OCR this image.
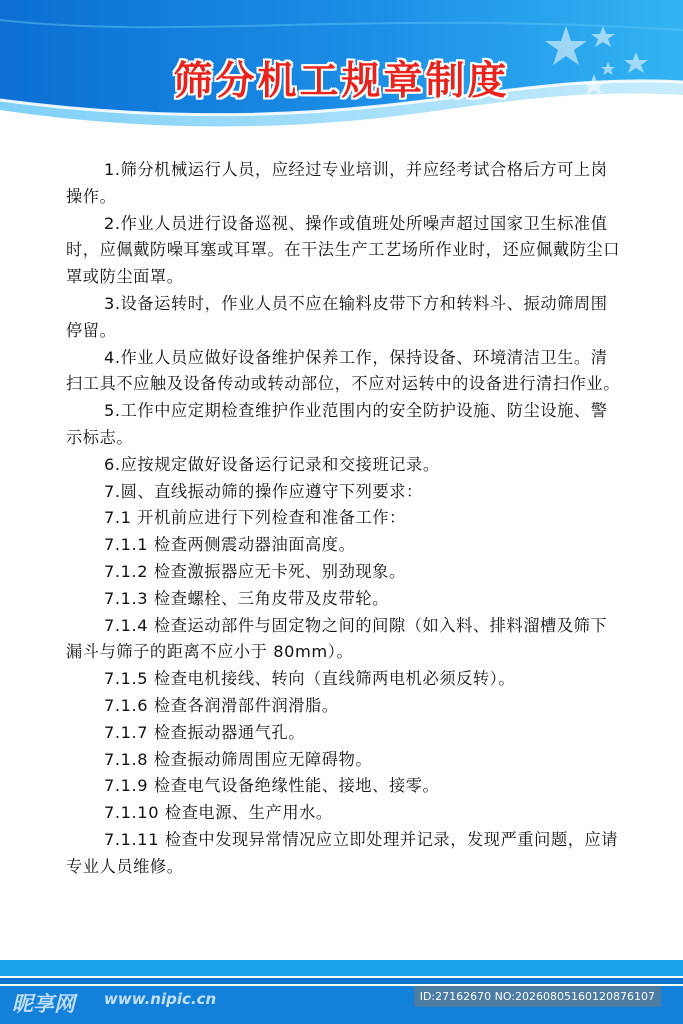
筛分机工规章制度

1.筛分机械运行人员，应经过专业培训，并应经考试合格后方可上岗操作。

2.作业人员进行设备巡视、操作或值班处所噪声超过国家卫生标准值时，应佩戴防噪耳塞或耳罩。在干法生产工艺场所作业时，还应佩戴防尘口罩或防尘面罩。

3.设备运转时，作业人员不应在输料皮带下方和转料斗、振动筛周围停留。

4.作业人员应做好设备维护保养工作，保持设备、环境清洁卫生。清扫工具不应触及设备传动或转动部位，不应对运转中的设备进行清扫作业。

5.工作中应定期检查维护作业范围内的安全防护设施、防尘设施、警示标志。

6.应按规定做好设备运行记录和交接班记录。

7.圆、直线振动筛的操作应遵守下列要求：

7.1 开机前应进行下列检查和准备工作：

7.1.1 检查两侧震动器油面高度。

7.1.2 检查激振器应无卡死、别劲现象。

7.1.3 检查螺栓、三角皮带及皮带轮。

7.1.4 检查运动部件与固定物之间的间隙（如入料、排料溜槽及筛下漏斗与筛子的距离不应小于 80mm）。

7.1.5 检查电机接线、转向（直线筛两电机必须反转）。

7.1.6 检查各润滑部件润滑脂。

7.1.7 检查振动器通气孔。

7.1.8 检查振动筛周围应无障碍物。

7.1.9 检查电气设备绝缘性能、接地、接零。

7.1.10 检查电源、生产用水。

7.1.11 检查中发现异常情况应立即处理并记录，发现严重问题，应请专业人员维修。

昵享网 www.nipic.cn	ID:27162670 NO:20260805160120876107
